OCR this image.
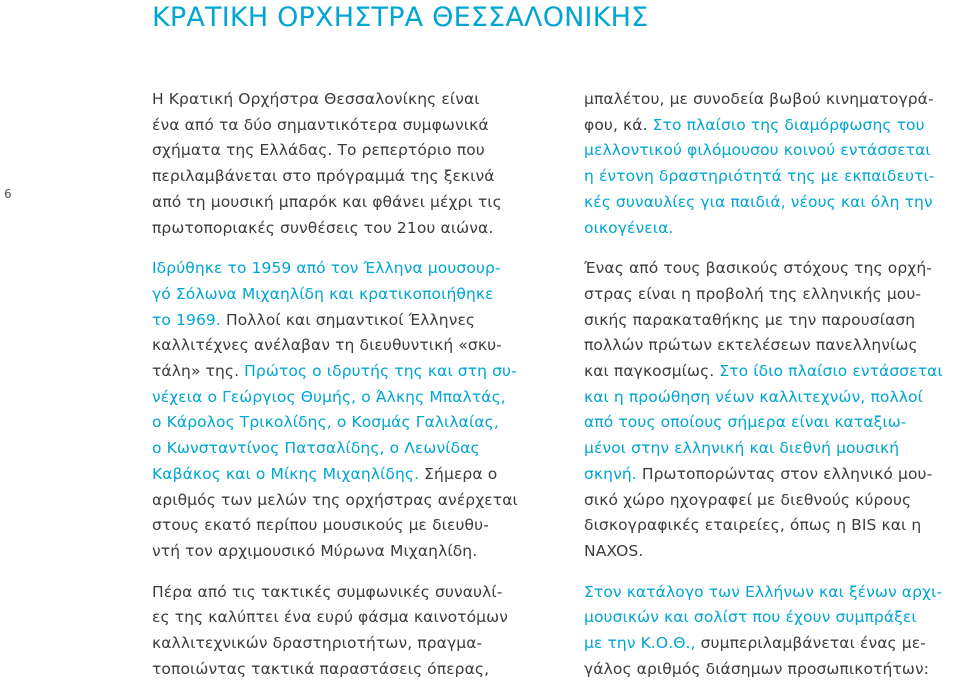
ΚΡΑΤΙΚΗ ΟΡΧΗΣΤΡΑ ΘΕΣΣΑΛΟΝΙΚΗΣ
6

Η Κρατική Ορχήστρα Θεσσαλονίκης είναι
ένα από τα δύο σημαντικότερα συμφωνικά
σχήματα της Ελλάδας. Το ρεπερτόριο που
περιλαμβάνεται στο πρόγραμμά της ξεκινά
από τη μουσική μπαρόκ και φθάνει μέχρι τις
πρωτοποριακές συνθέσεις του 21ου αιώνα.

Ιδρύθηκε το 1959 από τον Έλληνα μουσουρ-
γό Σόλωνα Μιχαηλίδη και κρατικοποιήθηκε
το 1969. Πολλοί και σημαντικοί Έλληνες
καλλιτέχνες ανέλαβαν τη διευθυντική «σκυ-
τάλη» της. Πρώτος ο ιδρυτής της και στη συ-
νέχεια ο Γεώργιος Θυμής, ο Άλκης Μπαλτάς,
ο Κάρολος Τρικολίδης, ο Κοσμάς Γαλιλαίας,
ο Κωνσταντίνος Πατσαλίδης, ο Λεωνίδας
Καβάκος και ο Μίκης Μιχαηλίδης. Σήμερα ο
αριθμός των μελών της ορχήστρας ανέρχεται
στους εκατό περίπου μουσικούς με διευθυ-
ντή τον αρχιμουσικό Μύρωνα Μιχαηλίδη.

Πέρα από τις τακτικές συμφωνικές συναυλί-
ες της καλύπτει ένα ευρύ φάσμα καινοτόμων
καλλιτεχνικών δραστηριοτήτων, πραγμα-
τοποιώντας τακτικά παραστάσεις όπερας,

μπαλέτου, με συνοδεία βωβού κινηματογρά-
φου, κά. Στο πλαίσιο της διαμόρφωσης του
μελλοντικού φιλόμουσου κοινού εντάσσεται
η έντονη δραστηριότητά της με εκπαιδευτι-
κές συναυλίες για παιδιά, νέους και όλη την
οικογένεια.

Ένας από τους βασικούς στόχους της ορχή-
στρας είναι η προβολή της ελληνικής μου-
σικής παρακαταθήκης με την παρουσίαση
πολλών πρώτων εκτελέσεων πανελληνίως
και παγκοσμίως. Στο ίδιο πλαίσιο εντάσσεται
και η προώθηση νέων καλλιτεχνών, πολλοί
από τους οποίους σήμερα είναι καταξιω-
μένοι στην ελληνική και διεθνή μουσική
σκηνή. Πρωτοπορώντας στον ελληνικό μου-
σικό χώρο ηχογραφεί με διεθνούς κύρους
δισκογραφικές εταιρείες, όπως η BIS και η
NAXOS.

Στον κατάλογο των Ελλήνων και ξένων αρχι-
μουσικών και σολίστ που έχουν συμπράξει
με την Κ.Ο.Θ., συμπεριλαμβάνεται ένας με-
γάλος αριθμός διάσημων προσωπικοτήτων:
